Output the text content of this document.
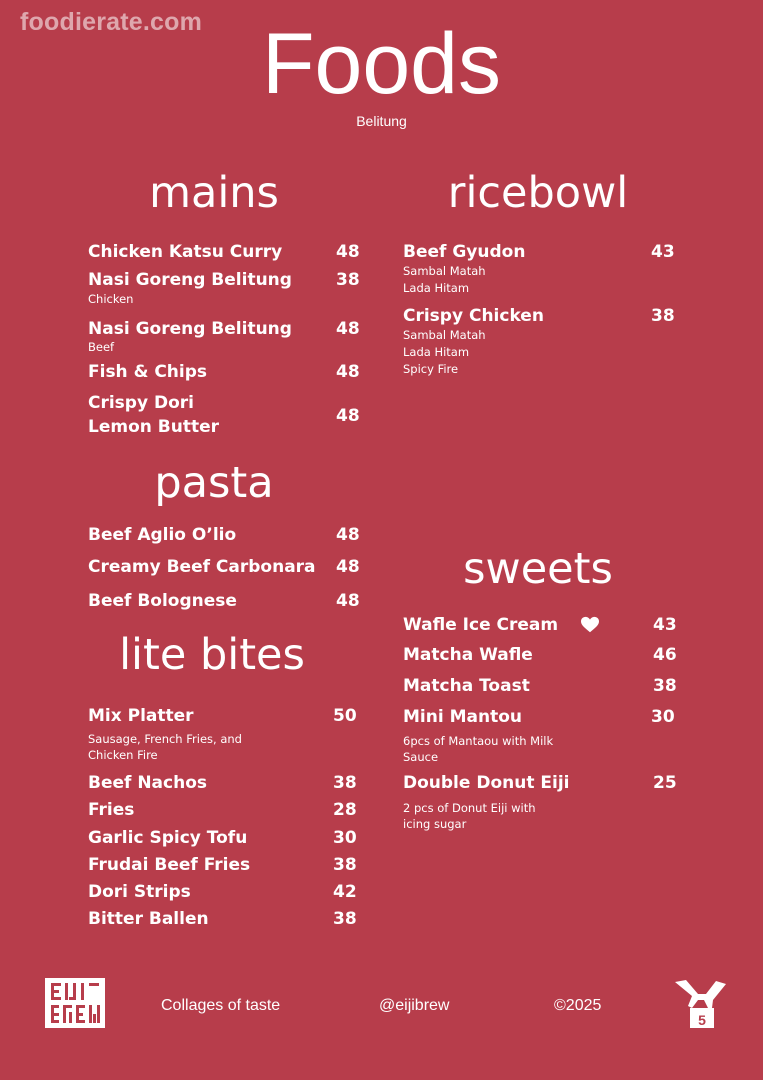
foodierate.com Foods
Belitung
mains
Chicken Katsu Curry	48
Nasi Goreng Belitung	38
Chicken
Nasi Goreng Belitung	48
Beef
Fish & Chips	48
Crispy Dori
Lemon Butter
48
ricebowl
Beef Gyudon	43
Sambal Matah
Lada Hitam
Crispy Chicken	38
Sambal Matah
Lada Hitam
Spicy Fire
pasta
Beef Aglio O’lio	48
Creamy Beef Carbonara 48
Beef Bolognese	48
lite bites
Mix Platter	50
Sausage, French Fries, and
Chicken Fire
Beef Nachos	38
Fries	28
Garlic Spicy Tofu	30
Frudai Beef Fries	38
Dori Strips	42
Bitter Ballen	38
sweets
Wafle Ice Cream	43
Matcha Wafle	46
Matcha Toast	38
Mini Mantou	30
6pcs of Mantaou with Milk
Sauce
Double Donut Eiji	25
2 pcs of Donut Eiji with
icing sugar
Collages of taste	@eijibrew	©2025
5
